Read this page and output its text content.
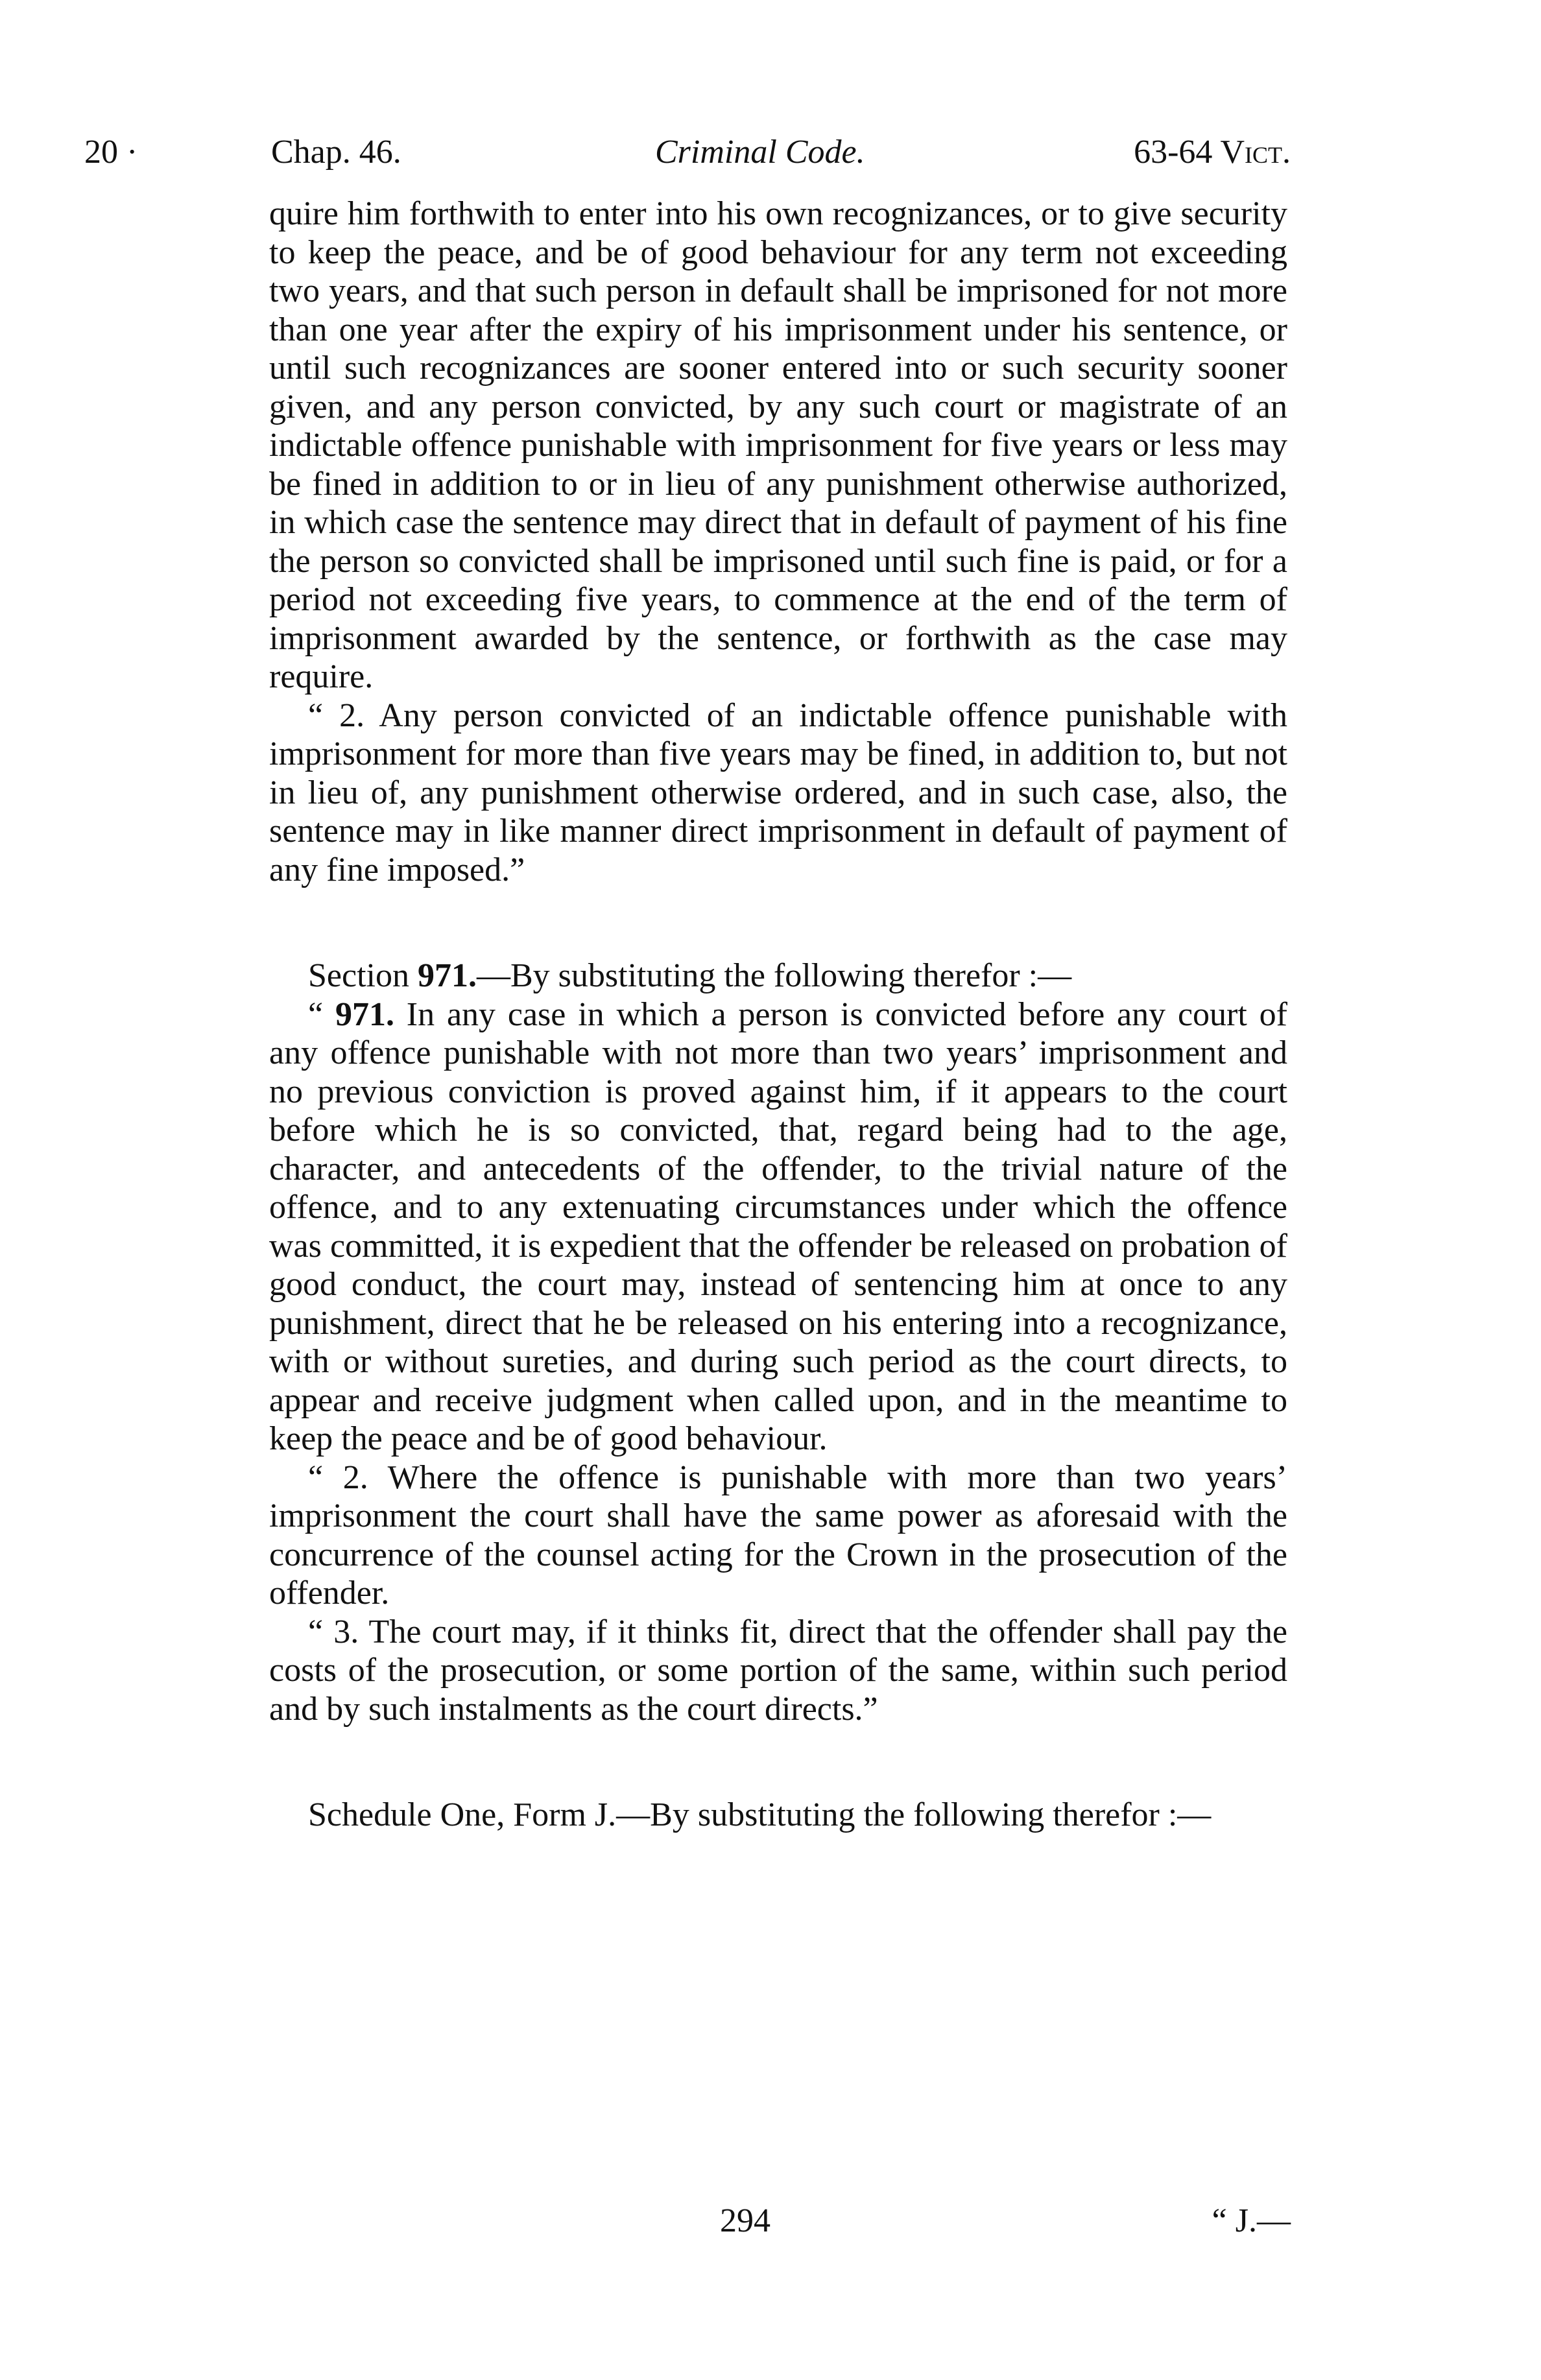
20 ·	Chap. 46.	Criminal Code.	63-64 Vict.

quire him forthwith to enter into his own recognizances, or to give security to keep the peace, and be of good behaviour for any term not exceeding two years, and that such person in default shall be imprisoned for not more than one year after the expiry of his imprisonment under his sentence, or until such recognizances are sooner entered into or such security sooner given, and any person convicted, by any such court or magistrate of an indictable offence punishable with imprisonment for five years or less may be fined in addition to or in lieu of any punishment otherwise authorized, in which case the sentence may direct that in default of payment of his fine the person so convicted shall be imprisoned until such fine is paid, or for a period not exceeding five years, to commence at the end of the term of imprisonment awarded by the sentence, or forthwith as the case may require.

“ 2. Any person convicted of an indictable offence punishable with imprisonment for more than five years may be fined, in addition to, but not in lieu of, any punishment otherwise ordered, and in such case, also, the sentence may in like manner direct imprisonment in default of payment of any fine imposed.”

Section 971.—By substituting the following therefor :—

“ 971. In any case in which a person is convicted before any court of any offence punishable with not more than two years’ imprisonment and no previous conviction is proved against him, if it appears to the court before which he is so convicted, that, regard being had to the age, character, and antecedents of the offender, to the trivial nature of the offence, and to any extenuating circumstances under which the offence was committed, it is expedient that the offender be released on probation of good conduct, the court may, instead of sentencing him at once to any punishment, direct that he be released on his entering into a recognizance, with or without sureties, and during such period as the court directs, to appear and receive judgment when called upon, and in the meantime to keep the peace and be of good behaviour.

“ 2. Where the offence is punishable with more than two years’ imprisonment the court shall have the same power as aforesaid with the concurrence of the counsel acting for the Crown in the prosecution of the offender.

“ 3. The court may, if it thinks fit, direct that the offender shall pay the costs of the prosecution, or some portion of the same, within such period and by such instalments as the court directs.”

Schedule One, Form J.—By substituting the following therefor :—

294	“ J.—
